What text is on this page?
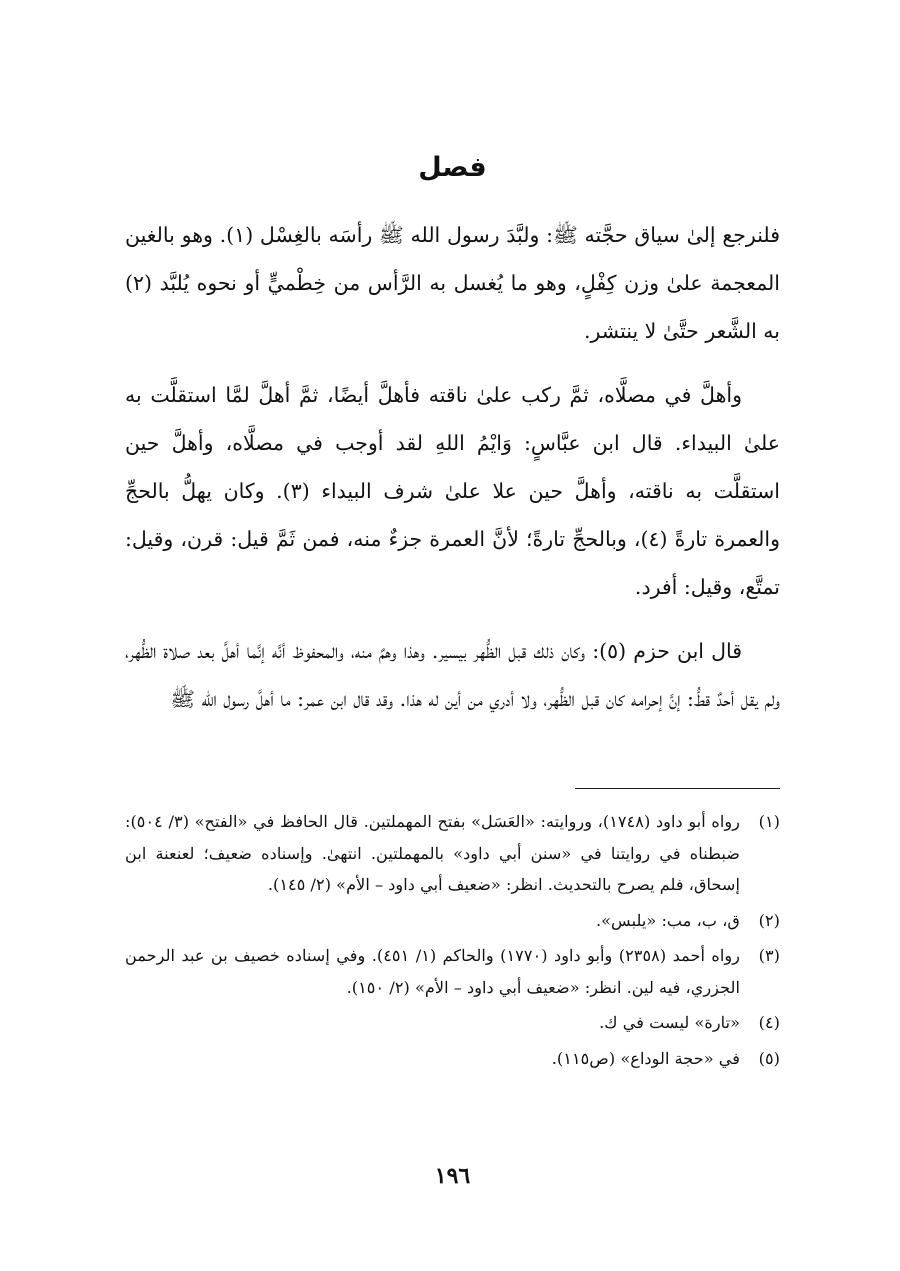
فصل

فلنرجع إلىٰ سياق حجَّته ﷺ: ولبَّدَ رسول الله ﷺ رأسَه بالغِسْل (١). وهو بالغين المعجمة علىٰ وزن كِفْلٍ، وهو ما يُغسل به الرَّأس من خِطْميٍّ أو نحوه يُلبَّد (٢) به الشَّعر حتَّىٰ لا ينتشر.

وأهلَّ في مصلَّاه، ثمَّ ركب علىٰ ناقته فأهلَّ أيضًا، ثمَّ أهلَّ لمَّا استقلَّت به علىٰ البيداء. قال ابن عبَّاسٍ: وَايْمُ اللهِ لقد أوجب في مصلَّاه، وأهلَّ حين استقلَّت به ناقته، وأهلَّ حين علا علىٰ شرف البيداء (٣). وكان يهلُّ بالحجِّ والعمرة تارةً (٤)، وبالحجِّ تارةً؛ لأنَّ العمرة جزءٌ منه، فمن ثَمَّ قيل: قرن، وقيل: تمتَّع، وقيل: أفرد.

قال ابن حزم (٥): وكان ذلك قبل الظُّهر بيسير. وهذا وهمٌ منه، والمحفوظ أنَّه إنَّما أهلَّ بعد صلاة الظُّهر، ولم يقل أحدٌ قطُّ: إنَّ إحرامه كان قبل الظُّهر، ولا أدري من أين له هذا. وقد قال ابن عمر: ما أهلَّ رسول الله ﷺ

(١)
رواه أبو داود (١٧٤٨)، وروايته: «العَسَل» بفتح المهملتين. قال الحافظ في «الفتح» (٣/ ٥٠٤): ضبطناه في روايتنا في «سنن أبي داود» بالمهملتين. انتهىٰ. وإسناده ضعيف؛ لعنعنة ابن إسحاق، فلم يصرح بالتحديث. انظر: «ضعيف أبي داود – الأم» (٢/ ١٤٥).
(٢)
ق، ب، مب: «يلبس».
(٣)
رواه أحمد (٢٣٥٨) وأبو داود (١٧٧٠) والحاكم (١/ ٤٥١). وفي إسناده خصيف بن عبد الرحمن الجزري، فيه لين. انظر: «ضعيف أبي داود – الأم» (٢/ ١٥٠).
(٤)
«تارة» ليست في ك.
(٥)
في «حجة الوداع» (ص١١٥).

١٩٦
